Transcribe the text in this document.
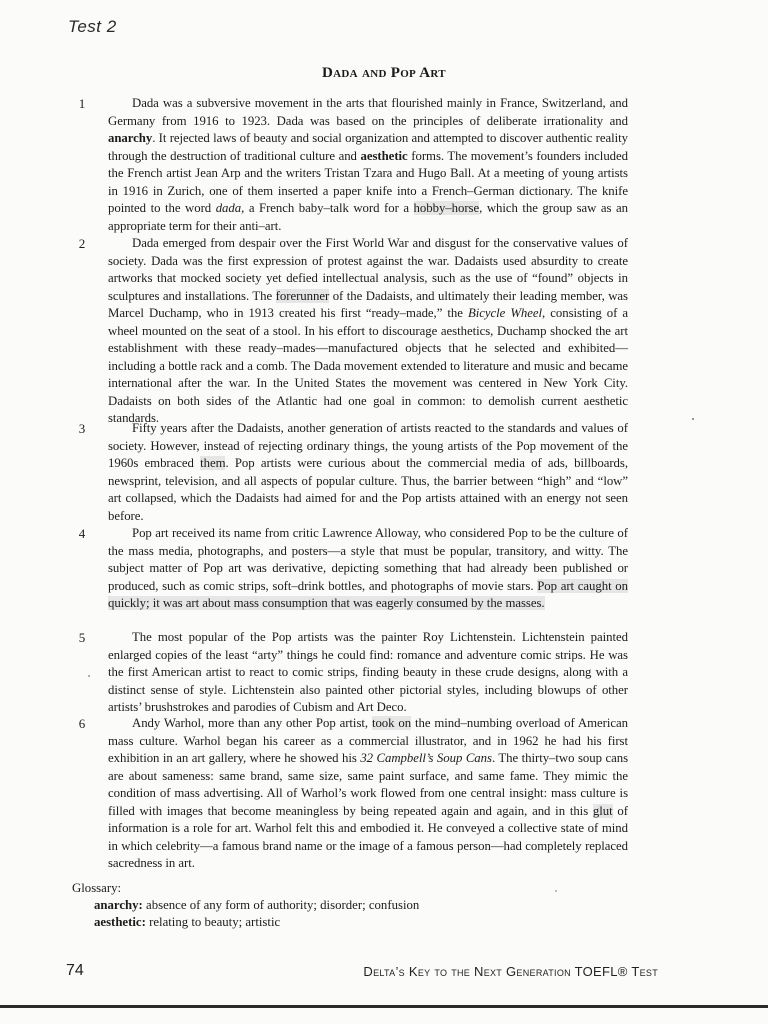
Test 2
Dada and Pop Art
1	Dada was a subversive movement in the arts that flourished mainly in France, Switzerland, and Germany from 1916 to 1923. Dada was based on the principles of deliberate irrationality and anarchy. It rejected laws of beauty and social organization and attempted to discover authentic reality through the destruction of traditional culture and aesthetic forms. The movement’s founders included the French artist Jean Arp and the writers Tristan Tzara and Hugo Ball. At a meeting of young artists in 1916 in Zurich, one of them inserted a paper knife into a French–German dictionary. The knife pointed to the word dada, a French baby–talk word for a hobby–horse, which the group saw as an appropriate term for their anti–art.
2	Dada emerged from despair over the First World War and disgust for the conservative values of society. Dada was the first expression of protest against the war. Dadaists used absurdity to create artworks that mocked society yet defied intellectual analysis, such as the use of “found” objects in sculptures and installations. The forerunner of the Dadaists, and ultimately their leading member, was Marcel Duchamp, who in 1913 created his first “ready–made,” the Bicycle Wheel, consisting of a wheel mounted on the seat of a stool. In his effort to discourage aesthetics, Duchamp shocked the art establishment with these ready–mades—manufactured objects that he selected and exhibited—including a bottle rack and a comb. The Dada movement extended to literature and music and became international after the war. In the United States the movement was centered in New York City. Dadaists on both sides of the Atlantic had one goal in common: to demolish current aesthetic standards.
3	Fifty years after the Dadaists, another generation of artists reacted to the standards and values of society. However, instead of rejecting ordinary things, the young artists of the Pop movement of the 1960s embraced them. Pop artists were curious about the commercial media of ads, billboards, newsprint, television, and all aspects of popular culture. Thus, the barrier between “high” and “low” art collapsed, which the Dadaists had aimed for and the Pop artists attained with an energy not seen before.
4	Pop art received its name from critic Lawrence Alloway, who considered Pop to be the culture of the mass media, photographs, and posters—a style that must be popular, transitory, and witty. The subject matter of Pop art was derivative, depicting something that had already been published or produced, such as comic strips, soft–drink bottles, and photographs of movie stars. Pop art caught on quickly; it was art about mass consumption that was eagerly consumed by the masses.
5	The most popular of the Pop artists was the painter Roy Lichtenstein. Lichtenstein painted enlarged copies of the least “arty” things he could find: romance and adventure comic strips. He was the first American artist to react to comic strips, finding beauty in these crude designs, along with a distinct sense of style. Lichtenstein also painted other pictorial styles, including blowups of other artists’ brushstrokes and parodies of Cubism and Art Deco.
6	Andy Warhol, more than any other Pop artist, took on the mind–numbing overload of American mass culture. Warhol began his career as a commercial illustrator, and in 1962 he had his first exhibition in an art gallery, where he showed his 32 Campbell’s Soup Cans. The thirty–two soup cans are about sameness: same brand, same size, same paint surface, and same fame. They mimic the condition of mass advertising. All of Warhol’s work flowed from one central insight: mass culture is filled with images that become meaningless by being repeated again and again, and in this glut of information is a role for art. Warhol felt this and embodied it. He conveyed a collective state of mind in which celebrity—a famous brand name or the image of a famous person—had completely replaced sacredness in art.
Glossary:
anarchy: absence of any form of authority; disorder; confusion
aesthetic: relating to beauty; artistic
74	Delta’s Key to the Next Generation TOEFL® Test
